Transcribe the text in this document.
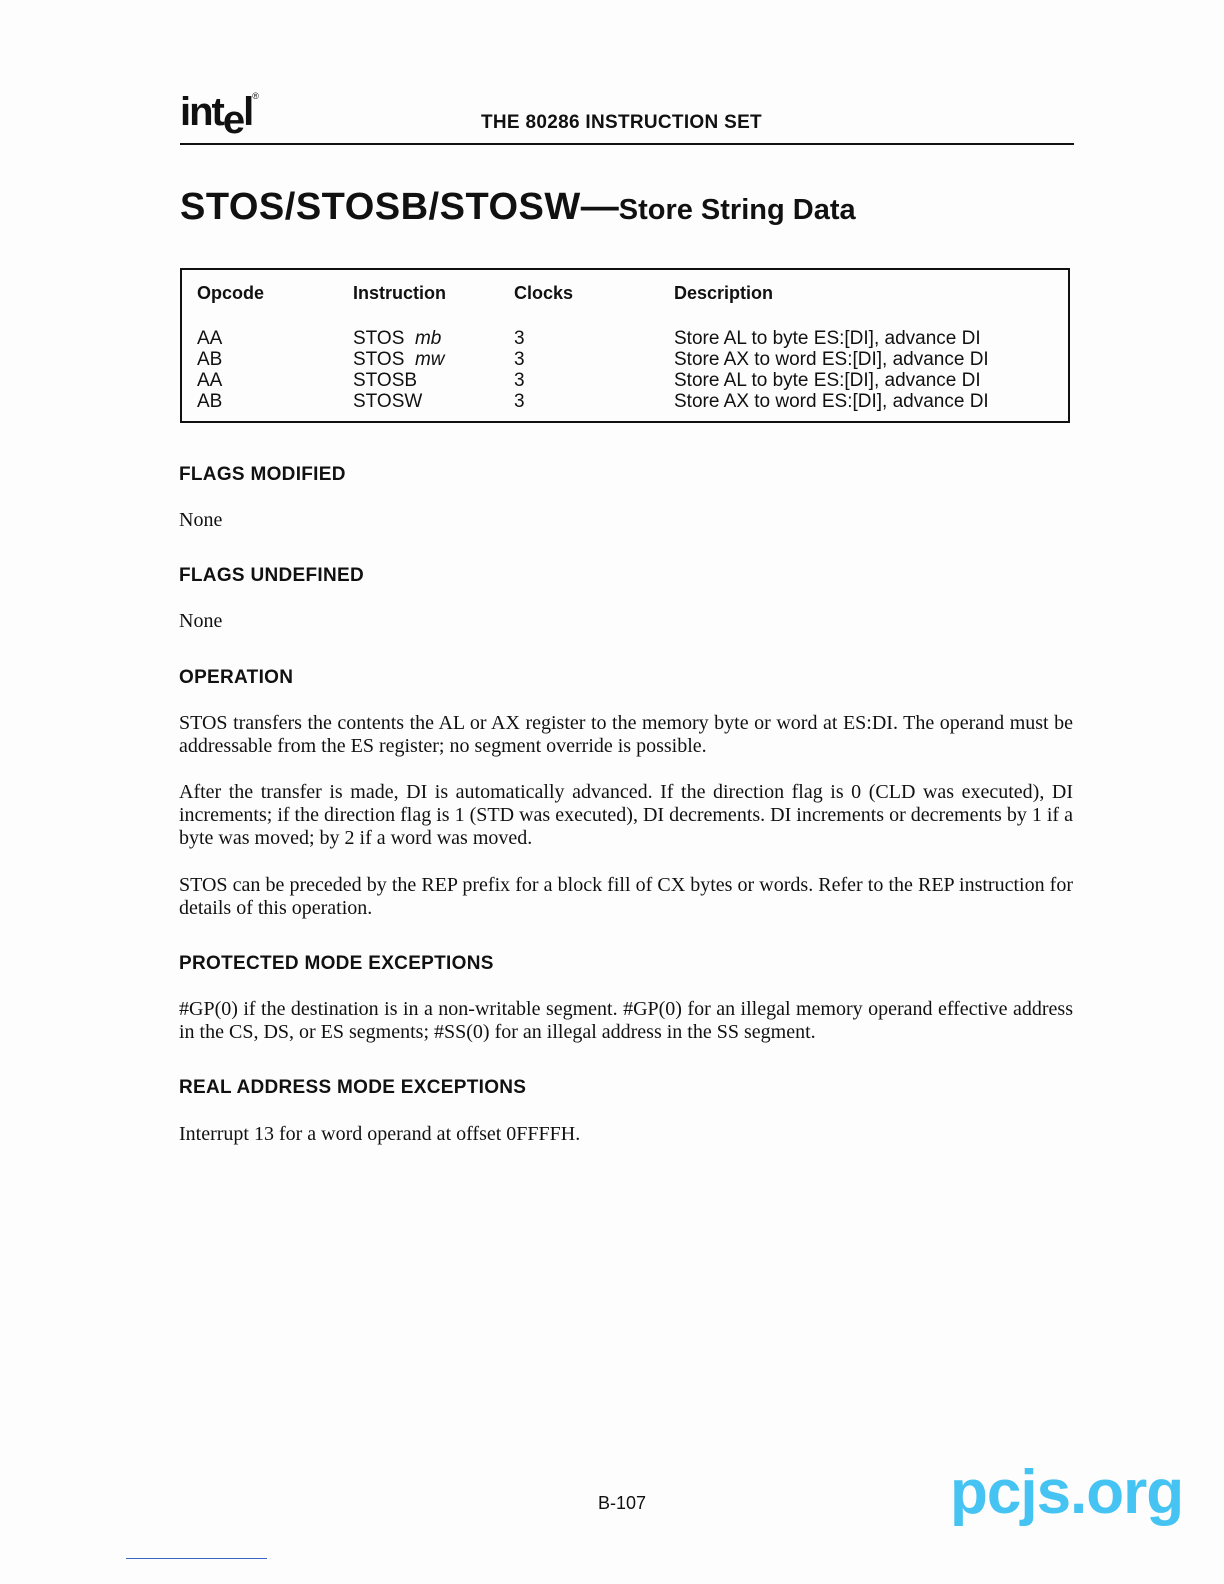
intel®
THE 80286 INSTRUCTION SET
STOS/STOSB/STOSW—Store String Data
Opcode	Instruction	Clocks	Description
AA	STOS mb	3	Store AL to byte ES:[DI], advance DI
AB	STOS mw	3	Store AX to word ES:[DI], advance DI
AA	STOSB	3	Store AL to byte ES:[DI], advance DI
AB	STOSW	3	Store AX to word ES:[DI], advance DI
FLAGS MODIFIED
None
FLAGS UNDEFINED
None
OPERATION
STOS transfers the contents the AL or AX register to the memory byte or word at ES:DI. The operand must be addressable from the ES register; no segment override is possible.
After the transfer is made, DI is automatically advanced. If the direction flag is 0 (CLD was executed), DI increments; if the direction flag is 1 (STD was executed), DI decrements. DI increments or decrements by 1 if a byte was moved; by 2 if a word was moved.
STOS can be preceded by the REP prefix for a block fill of CX bytes or words. Refer to the REP instruction for details of this operation.
PROTECTED MODE EXCEPTIONS
#GP(0) if the destination is in a non-writable segment. #GP(0) for an illegal memory operand effective address in the CS, DS, or ES segments; #SS(0) for an illegal address in the SS segment.
REAL ADDRESS MODE EXCEPTIONS
Interrupt 13 for a word operand at offset 0FFFFH.
B-107	pcjs.org
